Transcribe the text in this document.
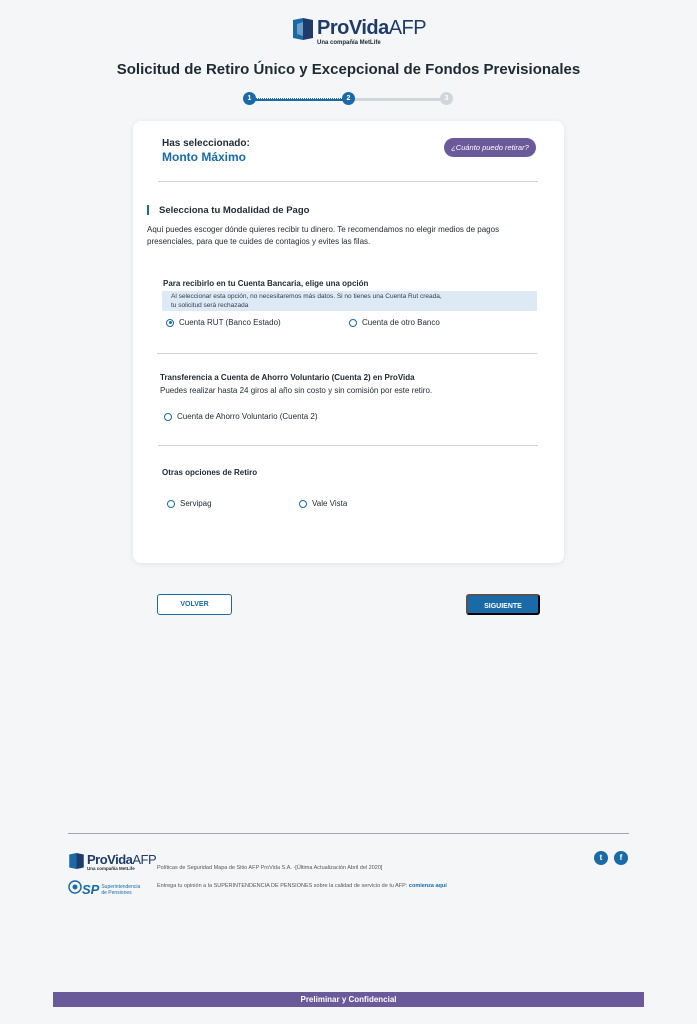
ProVidaAFP
Una compañía MetLife
Solicitud de Retiro Único y Excepcional de Fondos Previsionales
1	2	3
Has seleccionado:
Monto Máximo
¿Cuánto puedo retirar?
Selecciona tu Modalidad de Pago

Aquí puedes escoger dónde quieres recibir tu dinero. Te recomendamos no elegir medios de pagos presenciales, para que te cuides de contagios y evites las filas.

Para recibirlo en tu Cuenta Bancaria, elige una opción
Al seleccionar esta opción, no necesitaremos más datos. Si no tienes una Cuenta Rut creada,
tu solicitud será rechazada
Cuenta RUT (Banco Estado)	Cuenta de otro Banco
Transferencia a Cuenta de Ahorro Voluntario (Cuenta 2) en ProVida
Puedes realizar hasta 24 giros al año sin costo y sin comisión por este retiro.
Cuenta de Ahorro Voluntario (Cuenta 2)
Otras opciones de Retiro
Servipag	Vale Vista
VOLVER	SIGUIENTE
ProVidaAFP
Una compañía MetLife	Políticas de Seguridad Mapa de Sitio AFP ProVida S.A. -[Última Actualización Abril del 2020]
t	f
SP Superintendencia
de Pensiones
Entrega tu opinión a la SUPERINTENDENCIA DE PENSIONES sobre la calidad de servicio de tu AFP: comienza aquí
Preliminar y Confidencial
